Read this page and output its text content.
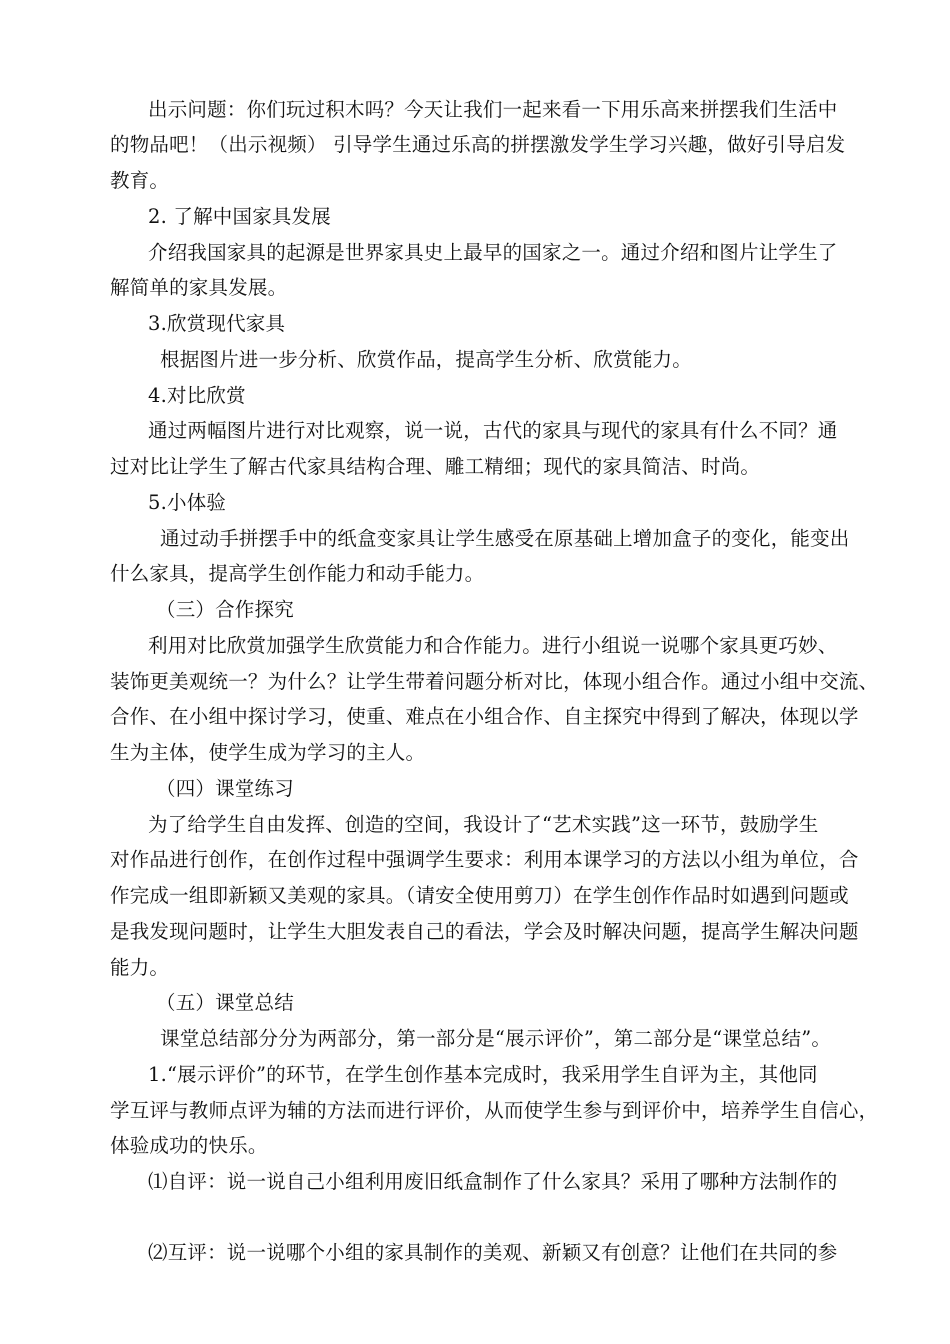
出示问题：你们玩过积木吗？今天让我们一起来看一下用乐高来拼摆我们生活中
的物品吧！（出示视频） 引导学生通过乐高的拼摆激发学生学习兴趣，做好引导启发
教育。
2. 了解中国家具发展
介绍我国家具的起源是世界家具史上最早的国家之一。通过介绍和图片让学生了
解简单的家具发展。
3.欣赏现代家具
根据图片进一步分析、欣赏作品，提高学生分析、欣赏能力。
4.对比欣赏
通过两幅图片进行对比观察，说一说，古代的家具与现代的家具有什么不同？通
过对比让学生了解古代家具结构合理、雕工精细；现代的家具简洁、时尚。
5.小体验
通过动手拼摆手中的纸盒变家具让学生感受在原基础上增加盒子的变化，能变出
什么家具，提高学生创作能力和动手能力。
（三）合作探究
利用对比欣赏加强学生欣赏能力和合作能力。进行小组说一说哪个家具更巧妙、
装饰更美观统一？为什么？让学生带着问题分析对比，体现小组合作。通过小组中交流、
合作、在小组中探讨学习，使重、难点在小组合作、自主探究中得到了解决，体现以学
生为主体，使学生成为学习的主人。
（四）课堂练习
为了给学生自由发挥、创造的空间，我设计了“艺术实践”这一环节，鼓励学生
对作品进行创作，在创作过程中强调学生要求：利用本课学习的方法以小组为单位，合
作完成一组即新颖又美观的家具。（请安全使用剪刀）在学生创作作品时如遇到问题或
是我发现问题时，让学生大胆发表自己的看法，学会及时解决问题，提高学生解决问题
能力。
（五）课堂总结
课堂总结部分分为两部分，第一部分是“展示评价”，第二部分是“课堂总结”。
1.“展示评价”的环节，在学生创作基本完成时，我采用学生自评为主，其他同
学互评与教师点评为辅的方法而进行评价，从而使学生参与到评价中，培养学生自信心，
体验成功的快乐。
⑴自评：说一说自己小组利用废旧纸盒制作了什么家具？采用了哪种方法制作的
⑵互评：说一说哪个小组的家具制作的美观、新颖又有创意？让他们在共同的参
